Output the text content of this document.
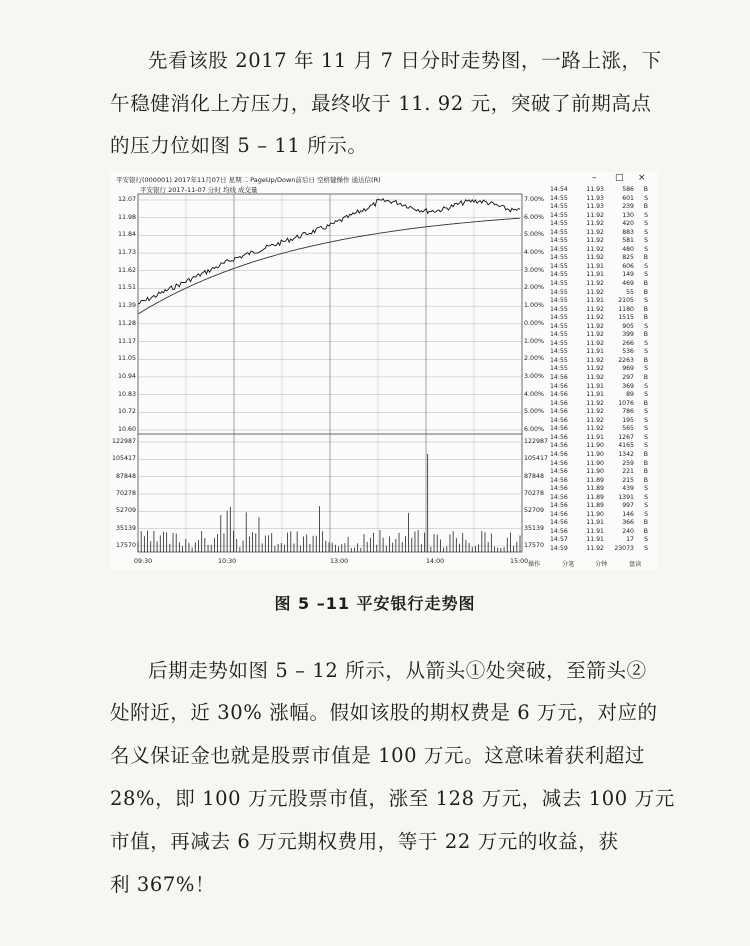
先看该股 2017 年 11 月 7 日分时走势图，一路上涨，下
午稳健消化上方压力，最终收于 11. 92 元，突破了前期高点
的压力位如图 5 – 11 所示。
平安银行(000001) 2017年11月07日 星期二 PageUp/Down前后日 空格键操作 通达信(R)
平安银行 2017-11-07 分时 均线 成交量
– □ ×
12.07	7.00%
11.98	6.00%
11.84	5.00%
11.73	4.00%
11.62	3.00%
11.51	2.00%
11.39	1.00%
11.28	0.00%
11.17	1.00%
11.05	2.00%
10.94	3.00%
10.83	4.00%
10.72	5.00%
10.60	6.00%
122987	122987
105417	105417
87848	87848
70278	70278
52709	52709
35139	35139
17570	17570
09:30	10:30	13:00	14:00	15:00
14:54	11.93	586	B
14:55	11.93	601	S
14:55	11.93	239	B
14:55	11.92	130	S
14:55	11.92	420	S
14:55	11.92	883	S
14:55	11.92	581	S
14:55	11.92	480	S
14:55	11.92	825	B
14:55	11.91	606	S
14:55	11.91	149	S
14:55	11.92	469	B
14:55	11.92	55	B
14:55	11.91	2105	S
14:55	11.92	1180	B
14:55	11.92	1515	B
14:55	11.92	905	S
14:55	11.92	399	B
14:55	11.92	266	S
14:55	11.91	536	S
14:55	11.92	2263	B
14:55	11.92	969	S
14:56	11.92	297	B
14:56	11.91	369	S
14:56	11.91	89	S
14:56	11.92	1076	B
14:56	11.92	786	S
14:56	11.92	195	S
14:56	11.92	565	S
14:56	11.91	1267	S
14:56	11.90	4165	S
14:56	11.90	1342	B
14:56	11.90	259	B
14:56	11.90	221	B
14:56	11.89	215	B
14:56	11.89	439	S
14:56	11.89	1391	S
14:56	11.89	997	S
14:56	11.90	146	S
14:56	11.91	366	B
14:56	11.91	240	B
14:57	11.91	17	S
14:59	11.92	23073	S
操作	分笔	分钟	盘读
图 5 –11 平安银行走势图
后期走势如图 5 – 12 所示，从箭头①处突破，至箭头②
处附近，近 30% 涨幅。假如该股的期权费是 6 万元，对应的
名义保证金也就是股票市值是 100 万元。这意味着获利超过
28%，即 100 万元股票市值，涨至 128 万元，减去 100 万元
市值，再减去 6 万元期权费用，等于 22 万元的收益，获
利 367%！
